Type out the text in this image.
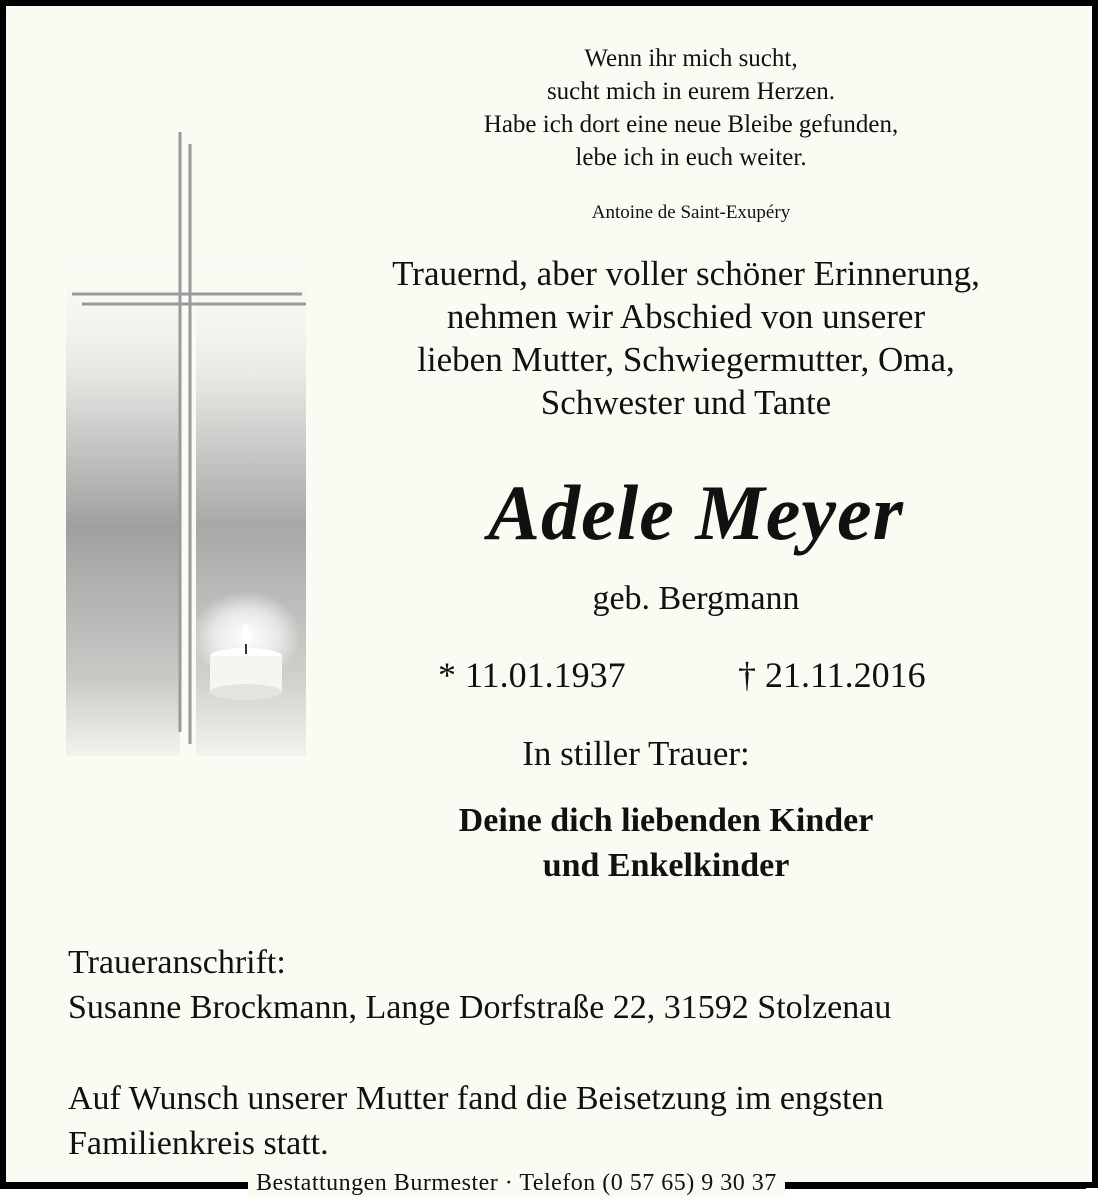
Wenn ihr mich sucht,
sucht mich in eurem Herzen.
Habe ich dort eine neue Bleibe gefunden,
lebe ich in euch weiter.
Antoine de Saint-Exupéry
Trauernd, aber voller schöner Erinnerung,
nehmen wir Abschied von unserer
lieben Mutter, Schwiegermutter, Oma,
Schwester und Tante
Adele Meyer
geb. Bergmann
* 11.01.1937	† 21.11.2016
In stiller Trauer:
Deine dich liebenden Kinder
und Enkelkinder
Traueranschrift:
Susanne Brockmann, Lange Dorfstraße 22, 31592 Stolzenau
Auf Wunsch unserer Mutter fand die Beisetzung im engsten
Familienkreis statt.
Bestattungen Burmester · Telefon (0 57 65) 9 30 37
